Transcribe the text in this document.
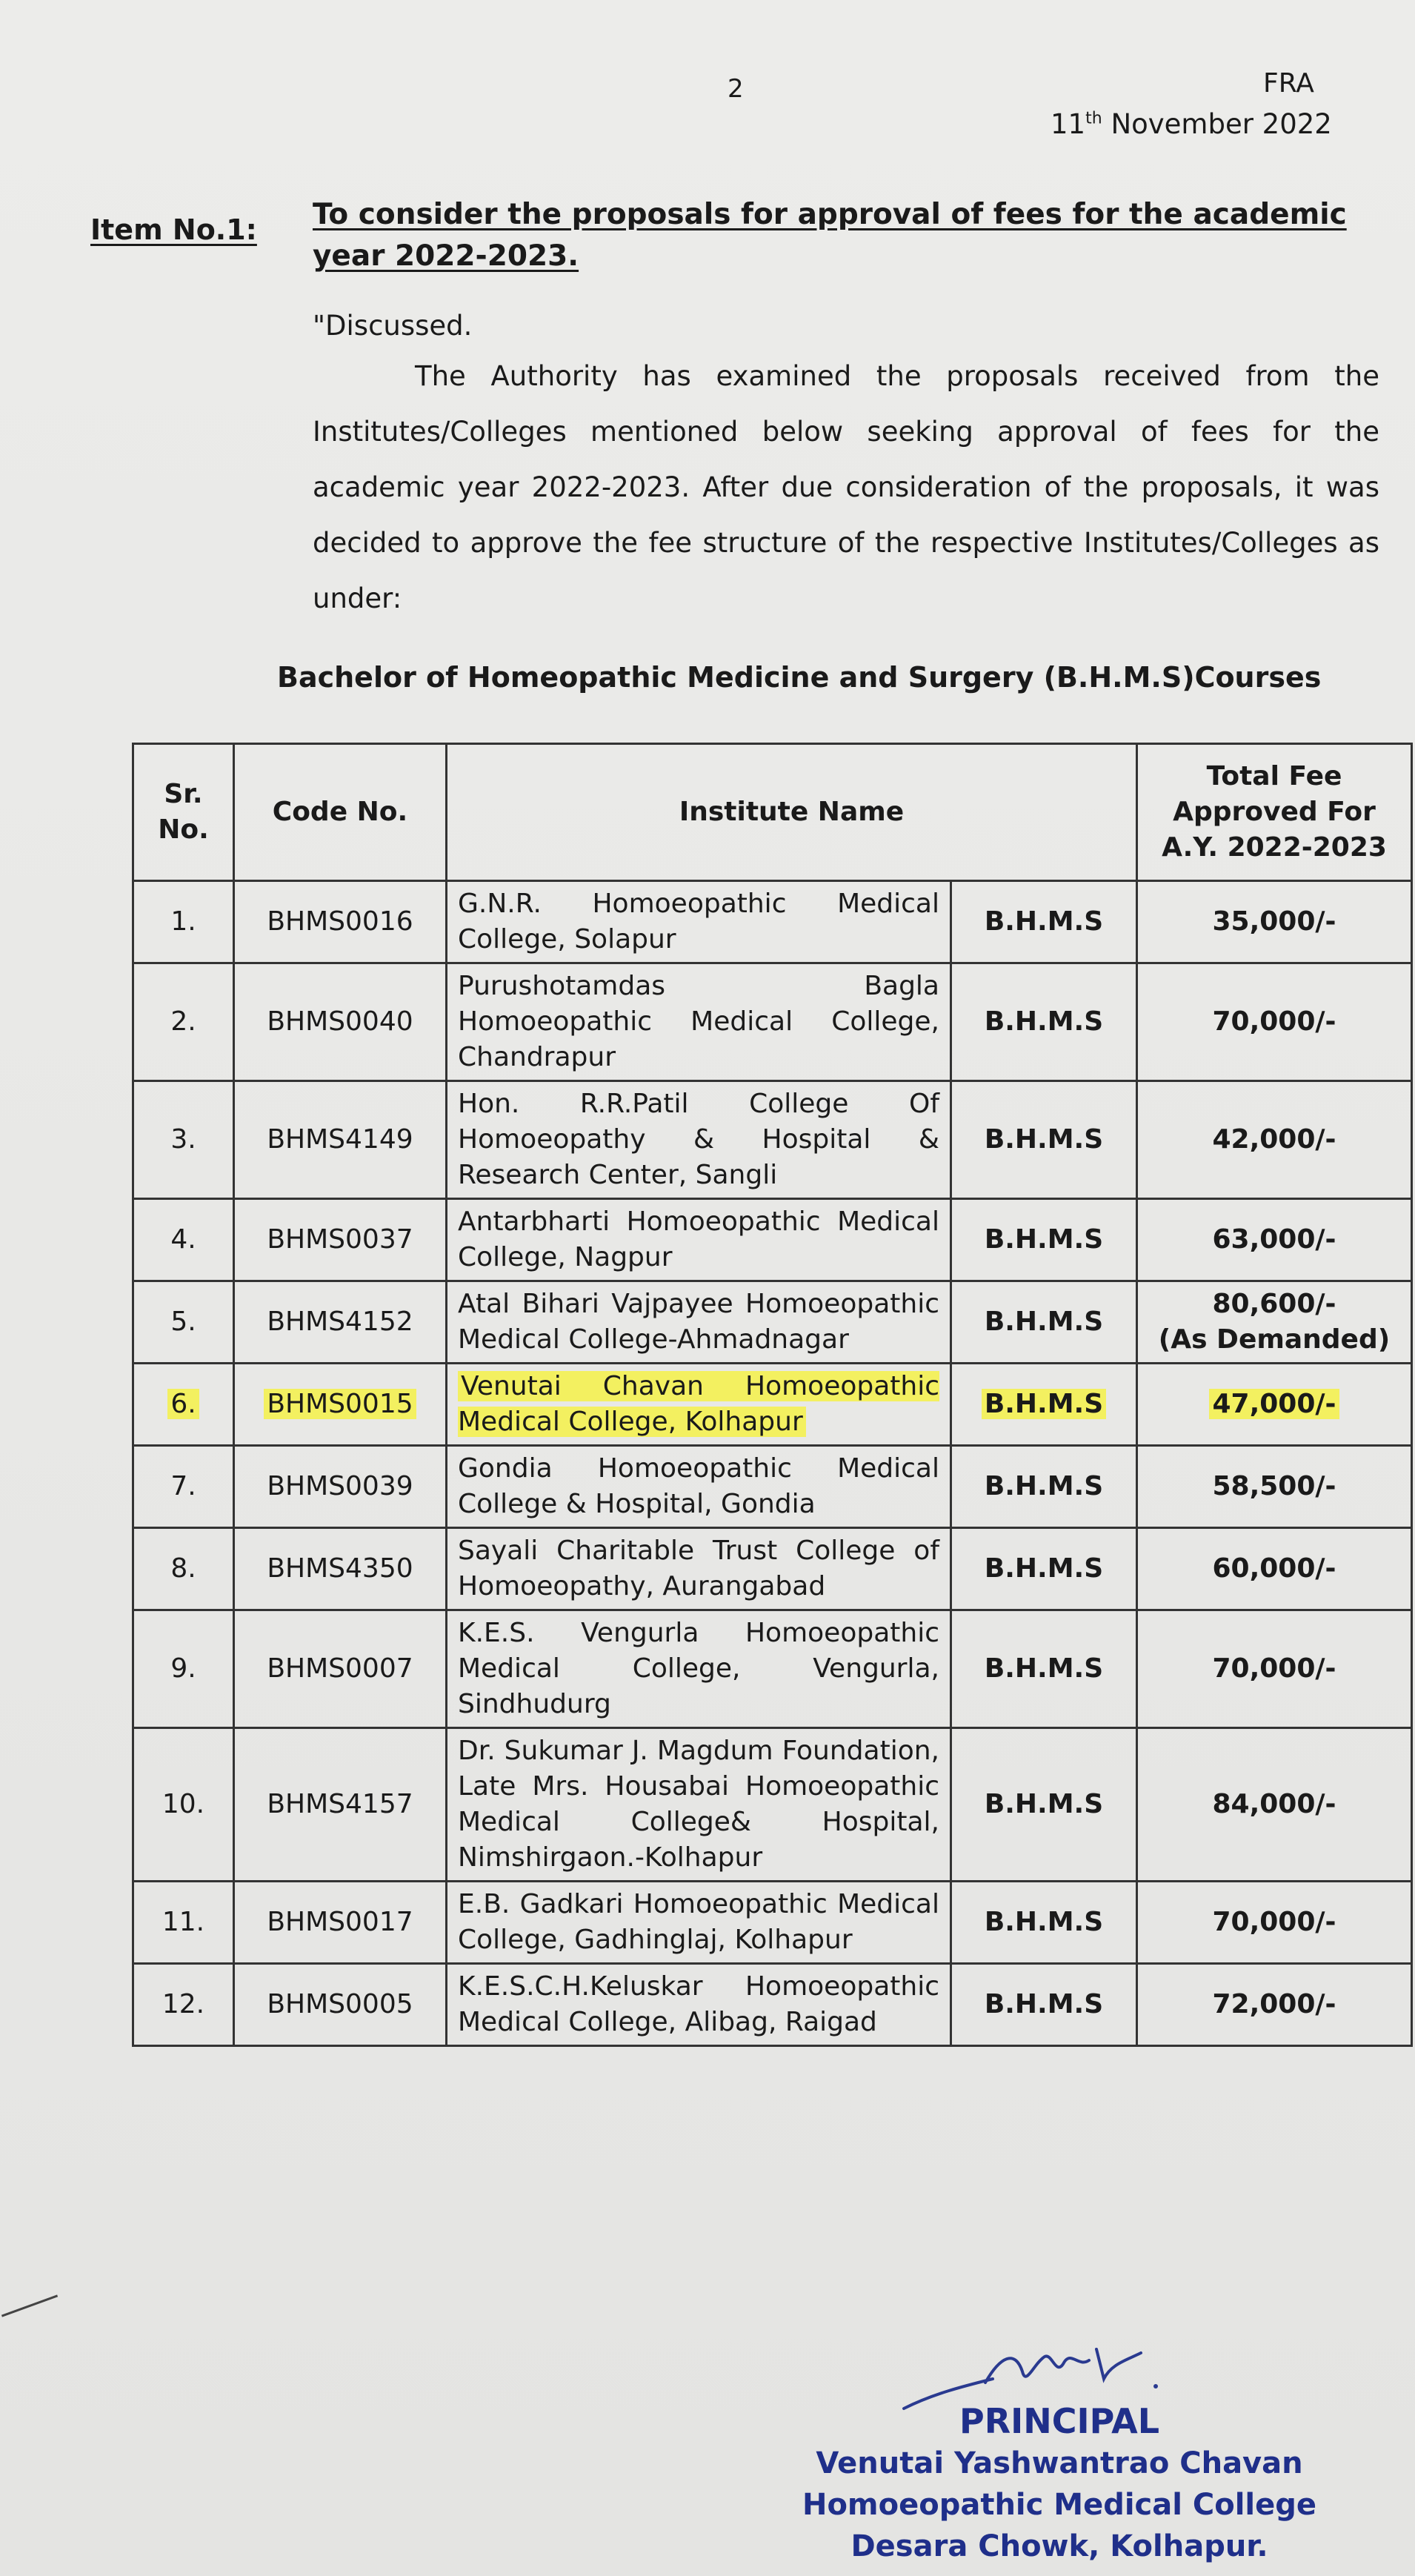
2	FRA
11th November 2022
Item No.1: To consider the proposals for approval of fees for the academic year 2022-2023.
"Discussed.
The Authority has examined the proposals received from the Institutes/Colleges mentioned below seeking approval of fees for the academic year 2022-2023. After due consideration of the proposals, it was decided to approve the fee structure of the respective Institutes/Colleges as under:
Bachelor of Homeopathic Medicine and Surgery (B.H.M.S)Courses
Sr. No.	Code No.	Institute Name		Total Fee Approved For A.Y. 2022-2023
1.	BHMS0016	G.N.R. Homoeopathic Medical College, Solapur	B.H.M.S	35,000/-
2.	BHMS0040	Purushotamdas Bagla Homoeopathic Medical College, Chandrapur	B.H.M.S	70,000/-
3.	BHMS4149	Hon. R.R.Patil College Of Homoeopathy & Hospital & Research Center, Sangli	B.H.M.S	42,000/-
4.	BHMS0037	Antarbharti Homoeopathic Medical College, Nagpur	B.H.M.S	63,000/-
5.	BHMS4152	Atal Bihari Vajpayee Homoeopathic Medical College-Ahmadnagar	B.H.M.S	80,600/-
(As Demanded)

6.	BHMS0015	Venutai Chavan Homoeopathic Medical College, Kolhapur	B.H.M.S	47,000/-
7.	BHMS0039	Gondia Homoeopathic Medical College & Hospital, Gondia	B.H.M.S	58,500/-
8.	BHMS4350	Sayali Charitable Trust College of Homoeopathy, Aurangabad	B.H.M.S	60,000/-
9.	BHMS0007	K.E.S. Vengurla Homoeopathic Medical College, Vengurla, Sindhudurg	B.H.M.S	70,000/-
10.	BHMS4157	Dr. Sukumar J. Magdum Foundation, Late Mrs. Housabai Homoeopathic Medical College& Hospital, Nimshirgaon.-Kolhapur	B.H.M.S	84,000/-
11.	BHMS0017	E.B. Gadkari Homoeopathic Medical College, Gadhinglaj, Kolhapur	B.H.M.S	70,000/-
12.	BHMS0005	K.E.S.C.H.Keluskar Homoeopathic Medical College, Alibag, Raigad	B.H.M.S	72,000/-
PRINCIPAL
Venutai Yashwantrao Chavan
Homoeopathic Medical College
Desara Chowk, Kolhapur.
